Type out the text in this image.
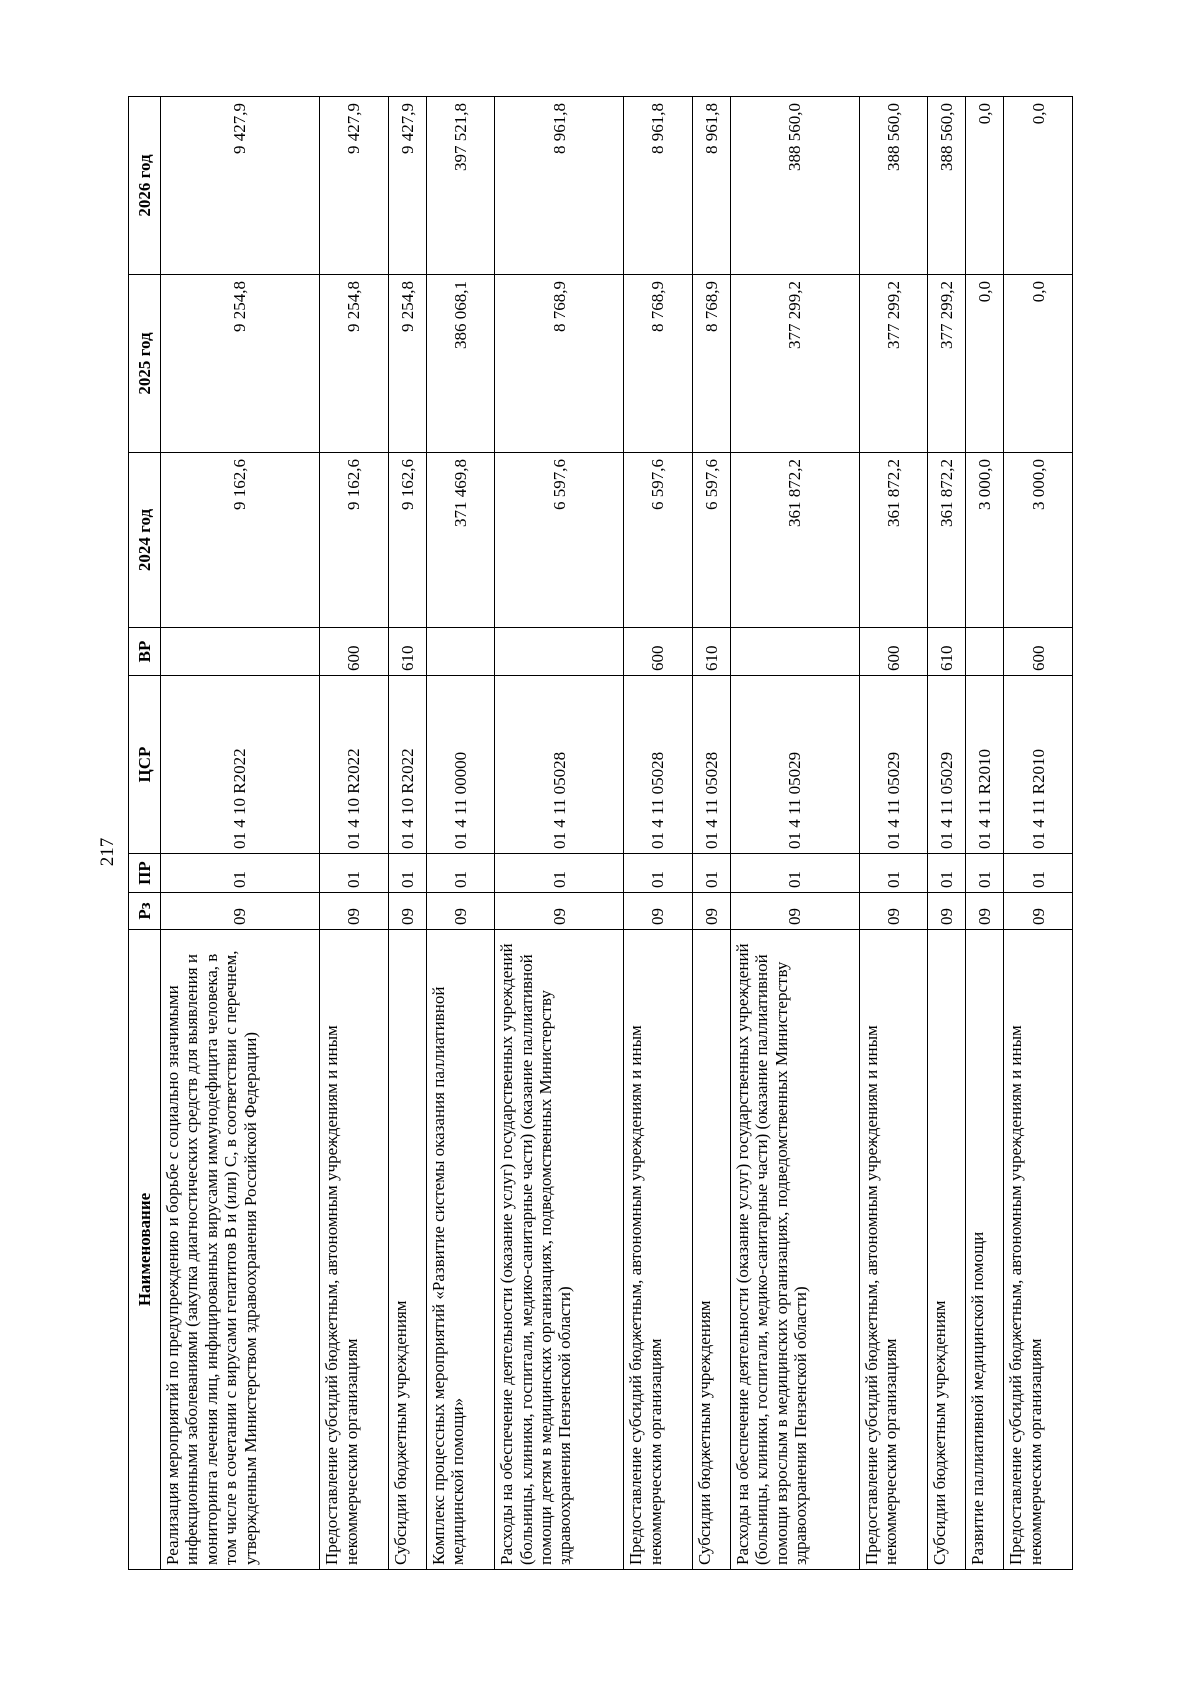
217
Наименование	Рз	ПР	ЦСР	ВР	2024 год	2025 год	2026 год
Реализация мероприятий по предупреждению и борьбе с социально значимыми инфекционными заболеваниями (закупка диагностических средств для выявления и мониторинга лечения лиц, инфицированных вирусами иммунодефицита человека, в том числе в сочетании с вирусами гепатитов В и (или) С, в соответствии с перечнем, утвержденным Министерством здравоохранения Российской Федерации)	09	01	01 4 10 R2022		9 162,6	9 254,8	9 427,9
Предоставление субсидий бюджетным, автономным учреждениям и иным некоммерческим организациям	09	01	01 4 10 R2022	600	9 162,6	9 254,8	9 427,9
Субсидии бюджетным учреждениям	09	01	01 4 10 R2022	610	9 162,6	9 254,8	9 427,9
Комплекс процессных мероприятий «Развитие системы оказания паллиативной медицинской помощи»	09	01	01 4 11 00000		371 469,8	386 068,1	397 521,8
Расходы на обеспечение деятельности (оказание услуг) государственных учреждений (больницы, клиники, госпитали, медико-санитарные части) (оказание паллиативной помощи детям в медицинских организациях, подведомственных Министерству здравоохранения Пензенской области)	09	01	01 4 11 05028		6 597,6	8 768,9	8 961,8
Предоставление субсидий бюджетным, автономным учреждениям и иным некоммерческим организациям	09	01	01 4 11 05028	600	6 597,6	8 768,9	8 961,8
Субсидии бюджетным учреждениям	09	01	01 4 11 05028	610	6 597,6	8 768,9	8 961,8
Расходы на обеспечение деятельности (оказание услуг) государственных учреждений (больницы, клиники, госпитали, медико-санитарные части) (оказание паллиативной помощи взрослым в медицинских организациях, подведомственных Министерству здравоохранения Пензенской области)	09	01	01 4 11 05029		361 872,2	377 299,2	388 560,0
Предоставление субсидий бюджетным, автономным учреждениям и иным некоммерческим организациям	09	01	01 4 11 05029	600	361 872,2	377 299,2	388 560,0
Субсидии бюджетным учреждениям	09	01	01 4 11 05029	610	361 872,2	377 299,2	388 560,0
Развитие паллиативной медицинской помощи	09	01	01 4 11 R2010		3 000,0	0,0	0,0
Предоставление субсидий бюджетным, автономным учреждениям и иным некоммерческим организациям	09	01	01 4 11 R2010	600	3 000,0	0,0	0,0
